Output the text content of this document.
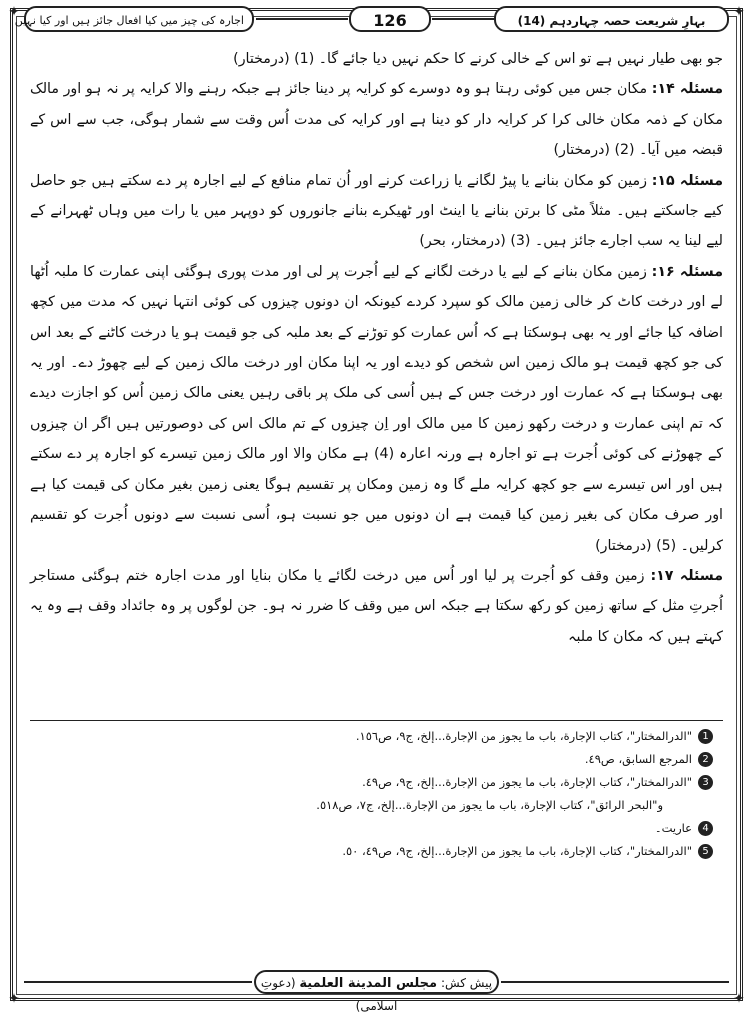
✦	✦
✦	✦
بہارِ شریعت حصہ چہاردہم (14)
126
اجارہ کی چیز میں کیا افعال جائز ہیں اور کیا نہیں

جو بھی طیار نہیں ہے تو اس کے خالی کرنے کا حکم نہیں دیا جائے گا۔ (1) (درمختار)

مسئلہ ۱۴: مکان جس میں کوئی رہتا ہو وہ دوسرے کو کرایہ پر دینا جائز ہے جبکہ رہنے والا کرایہ پر نہ ہو اور مالک مکان کے ذمہ مکان خالی کرا کر کرایہ دار کو دینا ہے اور کرایہ کی مدت اُس وقت سے شمار ہوگی، جب سے اس کے قبضہ میں آیا۔ (2) (درمختار)

مسئلہ ۱۵: زمین کو مکان بنانے یا پیڑ لگانے یا زراعت کرنے اور اُن تمام منافع کے لیے اجارہ پر دے سکتے ہیں جو حاصل کیے جاسکتے ہیں۔ مثلاً مٹی کا برتن بنانے یا اینٹ اور ٹھیکرے بنانے جانوروں کو دوپہر میں یا رات میں وہاں ٹھہرانے کے لیے لینا یہ سب اجارے جائز ہیں۔ (3) (درمختار، بحر)

مسئلہ ۱۶: زمین مکان بنانے کے لیے یا درخت لگانے کے لیے اُجرت پر لی اور مدت پوری ہوگئی اپنی عمارت کا ملبہ اُٹھا لے اور درخت کاٹ کر خالی زمین مالک کو سپرد کردے کیونکہ ان دونوں چیزوں کی کوئی انتہا نہیں کہ مدت میں کچھ اضافہ کیا جائے اور یہ بھی ہوسکتا ہے کہ اُس عمارت کو توڑنے کے بعد ملبہ کی جو قیمت ہو یا درخت کاٹنے کے بعد اس کی جو کچھ قیمت ہو مالک زمین اس شخص کو دیدے اور یہ اپنا مکان اور درخت مالک زمین کے لیے چھوڑ دے۔ اور یہ بھی ہوسکتا ہے کہ عمارت اور درخت جس کے ہیں اُسی کی ملک پر باقی رہیں یعنی مالک زمین اُس کو اجازت دیدے کہ تم اپنی عمارت و درخت رکھو زمین کا میں مالک اور اِن چیزوں کے تم مالک اس کی دوصورتیں ہیں اگر ان چیزوں کے چھوڑنے کی کوئی اُجرت ہے تو اجارہ ہے ورنہ اعارہ (4) ہے مکان والا اور مالک زمین تیسرے کو اجارہ پر دے سکتے ہیں اور اس تیسرے سے جو کچھ کرایہ ملے گا وہ زمین ومکان پر تقسیم ہوگا یعنی زمین بغیر مکان کی قیمت کیا ہے اور صرف مکان کی بغیر زمین کیا قیمت ہے ان دونوں میں جو نسبت ہو، اُسی نسبت سے دونوں اُجرت کو تقسیم کرلیں۔ (5) (درمختار)

مسئلہ ۱۷: زمین وقف کو اُجرت پر لیا اور اُس میں درخت لگائے یا مکان بنایا اور مدت اجارہ ختم ہوگئی مستاجر اُجرتِ مثل کے ساتھ زمین کو رکھ سکتا ہے جبکہ اس میں وقف کا ضرر نہ ہو۔ جن لوگوں پر وہ جائداد وقف ہے وہ یہ کہتے ہیں کہ مکان کا ملبہ

1
"الدرالمختار"، كتاب الإجارة، باب ما يجوز من الإجارة...إلخ، ج٩، ص١٥٦.
2
المرجع السابق، ص٤٩.
3
"الدرالمختار"، كتاب الإجارة، باب ما يجوز من الإجارة...إلخ، ج٩، ص٤٩.
و"البحر الرائق"، كتاب الإجارة، باب ما يجوز من الإجارة...إلخ، ج٧، ص٥١٨.
4
عاریت۔
5
"الدرالمختار"، كتاب الإجارة، باب ما يجوز من الإجارة...إلخ، ج٩، ص٤٩، ٥٠.
پیش کش: مجلس المدينة العلمية (دعوتِ اسلامی)
